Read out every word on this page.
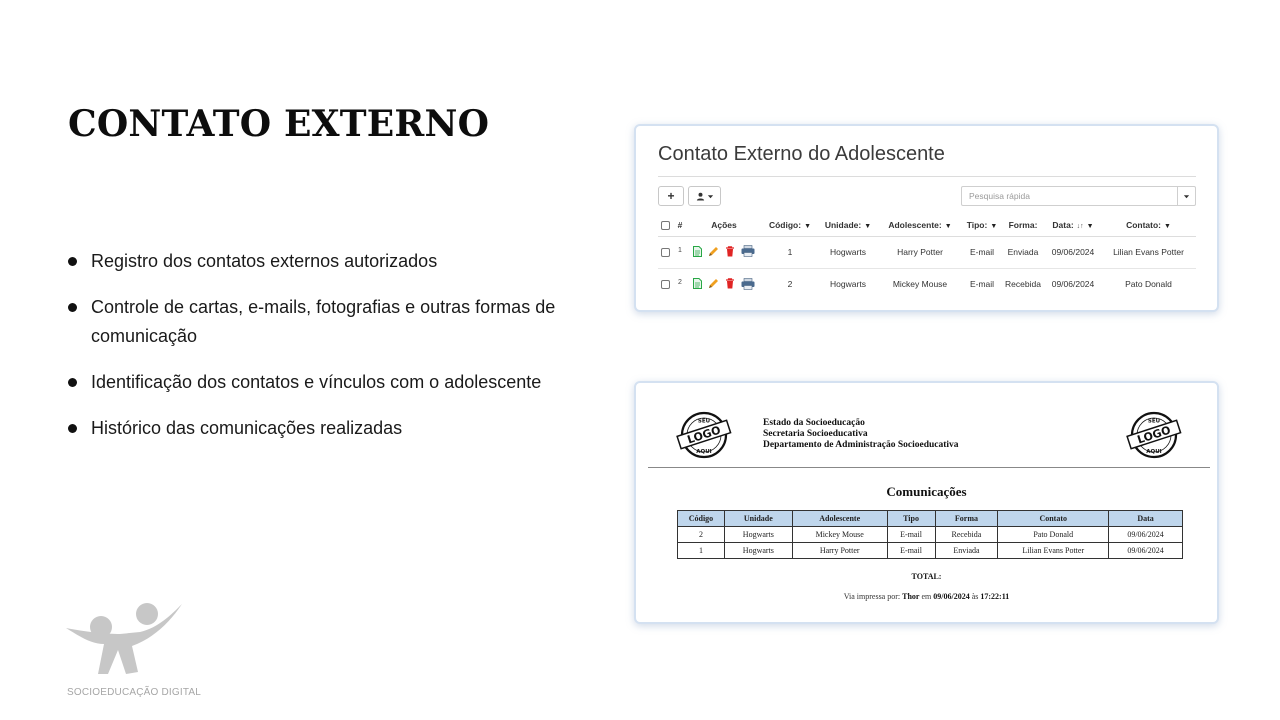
CONTATO EXTERNO
Registro dos contatos externos autorizados
Controle de cartas, e-mails, fotografias e outras formas de comunicação
Identificação dos contatos e vínculos com o adolescente
Histórico das comunicações realizadas
SOCIOEDUCAÇÃO DIGITAL
Contato Externo do Adolescente
+
Pesquisa rápida
	#	Ações	Código: ▼	Unidade: ▼	Adolescente: ▼	Tipo: ▼	Forma:	Data: ↓↑ ▼	Contato: ▼
	$^1$		1	Hogwarts	Harry Potter	E-mail	Enviada	09/06/2024	Lilian Evans Potter
	$^2$		2	Hogwarts	Mickey Mouse	E-mail	Recebida	09/06/2024	Pato Donald
SEU
LOGO
AQUI
Estado da Socioeducação
Secretaria Socioeducativa
Departamento de Administração Socioeducativa
SEU
LOGO
AQUI
Comunicações
Código	Unidade	Adolescente	Tipo	Forma	Contato	Data
2	Hogwarts	Mickey Mouse	E-mail	Recebida	Pato Donald	09/06/2024
1	Hogwarts	Harry Potter	E-mail	Enviada	Lilian Evans Potter	09/06/2024
TOTAL:
Via impressa por: Thor em 09/06/2024 às 17:22:11
